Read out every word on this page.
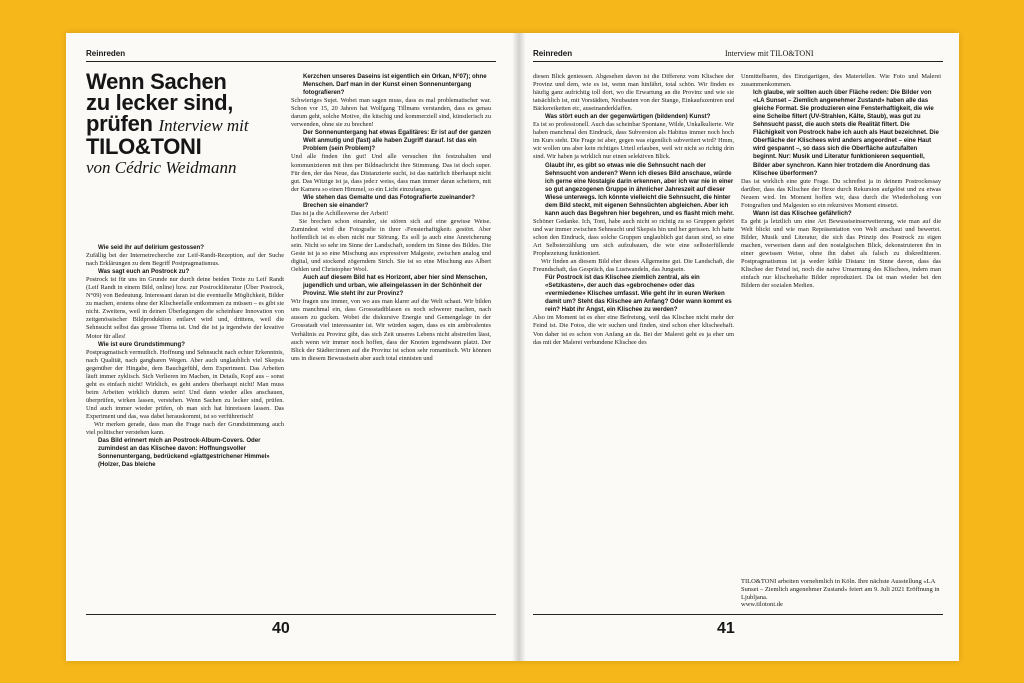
Reinreden
Wenn Sachen
zu lecker sind,
prüfen Interview mit
TILO&TONI
von Cédric Weidmann

Wie seid ihr auf delirium gestossen?

Zufällig bei der Internetrecherche zur Leif-Randt-Rezeption, auf der Suche nach Erklärungen zu dem Begriff Postpragmatismus.

Was sagt euch an Postrock zu?

Postrock ist für uns im Grunde nur durch deine beiden Texte zu Leif Randt (Leif Randt in einem Bild, online) bzw. zur Postrockliteratur (Über Postrock, N°09) von Bedeutung. Interessant daran ist die eventuelle Möglichkeit, Bilder zu machen, erstens ohne der Klischeefalle entkommen zu müssen – es gibt sie nicht. Zweitens, weil in deinen Überlegungen die scheinbare Innovation von zeitgenössischer Bildproduktion entlarvt wird und, drittens, weil die Sehnsucht selbst das grosse Thema ist. Und die ist ja irgendwie der kreative Motor für alles!

Wie ist eure Grundstimmung?

Postpragmatisch vermutlich. Hoffnung und Sehnsucht nach echter Erkenntnis, nach Qualität, nach gangbaren Wegen. Aber auch unglaublich viel Skepsis gegenüber der Hingabe, dem Bauchgefühl, dem Experiment. Das Arbeiten läuft immer zyklisch. Sich Verlieren im Machen, in Details, Kopf aus – sonst geht es einfach nicht! Wirklich, es geht anders überhaupt nicht! Man muss beim Arbeiten wirklich dumm sein! Und dann wieder alles anschauen, überprüfen, wirken lassen, verstehen. Wenn Sachen zu lecker sind, prüfen. Und auch immer wieder prüfen, ob man sich hat hinreissen lassen. Das Experiment und das, was dabei herauskommt, ist so verführerisch!

Wir merken gerade, dass man die Frage nach der Grundstimmung auch viel politischer verstehen kann.

Das Bild erinnert mich an Postrock-Album-Covers. Oder zumindest an das Klischee davon: Hoffnungsvoller Sonnenuntergang, bedrückend «glattgestrichener Himmel» (Holzer, Das bleiche

Kerzchen unseres Daseins ist eigentlich ein Orkan, N°07); ohne Menschen. Darf man in der Kunst einen Sonnenuntergang fotografieren?

Schwieriges Sujet. Wobei man sagen muss, dass es mal problematischer war. Schon vor 15, 20 Jahren hat Wolfgang Tillmans verstanden, dass es genau darum geht, solche Motive, die kitschig und kommerziell sind, künstlerisch zu verwenden, ohne sie zu brechen!

Der Sonnenuntergang hat etwas Egalitäres: Er ist auf der ganzen Welt anmutig und (fast) alle haben Zugriff darauf. Ist das ein Problem (sein Problem)?

Und alle finden ihn gut! Und alle versuchen ihn festzuhalten und kommunizieren mit ihm per Bildnachricht ihre Stimmung. Das ist doch super. Für den, der das Neue, das Distanzierte sucht, ist das natürlich überhaupt nicht gut. Das Witzige ist ja, dass jede:r weiss, dass man immer daran scheitern, mit der Kamera so einen Himmel, so ein Licht einzufangen.

Wie stehen das Gemalte und das Fotografierte zueinander? Brechen sie einander?

Das ist ja die Achillesverse der Arbeit!

Sie brechen schon einander, sie stören sich auf eine gewisse Weise. Zumindest wird die Fotografie in ihrer ‹Fensterhaftigkeit› gestört. Aber hoffentlich ist es eben nicht nur Störung. Es soll ja auch eine Anreicherung sein. Nicht so sehr im Sinne der Landschaft, sondern im Sinne des Bildes. Die Geste ist ja so eine Mischung aus expressiver Malgeste, zwischen analog und digital, und stockend zögerndem Strich. Sie ist so eine Mischung aus Albert Oehlen und Christopher Wool.

Auch auf diesem Bild hat es Horizont, aber hier sind Menschen, jugendlich und urban, wie alleingelassen in der Schönheit der Provinz. Wie steht ihr zur Provinz?

Wir fragen uns immer, von wo aus man klarer auf die Welt schaut. Wir bilden uns manchmal ein, dass Grossstadtblasen es noch schwerer machen, nach aussen zu gucken. Wobei die diskursive Energie und Gemengelage in der Grossstadt viel interessanter ist. Wir würden sagen, dass es ein ambivalentes Verhältnis zu Provinz gibt, das sich Zeit unseres Lebens nicht abstreifen lässt, auch wenn wir immer noch hoffen, dass der Knoten irgendwann platzt. Der Blick der Städter:innen auf die Provinz ist schon sehr romantisch. Wir können uns in diesem Bewusstsein aber auch total einnisten und

40
Reinreden	Interview mit TILO&TONI

diesen Blick geniessen. Abgesehen davon ist die Differenz vom Klischee der Provinz und dem, wie es ist, wenn man hinfährt, total schön. Wir finden es häufig ganz aufrichtig toll dort, wo die Erwartung an die Provinz und wie sie tatsächlich ist, mit Vorstädten, Neubauten von der Stange, Einkaufszentren und Bäckereiketten etc, auseinanderklaffen.

Was stört euch an der gegenwärtigen (bildenden) Kunst?

Es ist so professionell. Auch das scheinbar Spontane, Wilde, Unkalkulierte. Wir haben manchmal den Eindruck, dass Subversion als Habitus immer noch hoch im Kurs steht. Die Frage ist aber, gegen was eigentlich subvertiert wird? Hmm, wir wollen uns aber kein richtiges Urteil erlauben, weil wir nicht so richtig drin sind. Wir haben ja wirklich nur einen selektiven Blick.

Glaubt ihr, es gibt so etwas wie die Sehnsucht nach der Sehnsucht von anderen? Wenn ich dieses Bild anschaue, würde ich gerne eine Nostalgie darin erkennen, aber ich war nie in einer so gut angezogenen Gruppe in ähnlicher Jahreszeit auf dieser Wiese unterwegs. Ich könnte vielleicht die Sehnsucht, die hinter dem Bild steckt, mit eigenen Sehnsüchten abgleichen. Aber ich kann auch das Begehren hier begehren, und es flasht mich mehr.

Schöner Gedanke. Ich, Toni, habe auch nicht so richtig zu so Gruppen gehört und war immer zwischen Sehnsucht und Skepsis hin und her gerissen. Ich hatte schon den Eindruck, dass solche Gruppen unglaublich gut daran sind, so eine Art Selbsterzählung um sich aufzubauen, die wie eine selbsterfüllende Prophezeiung funktioniert.

Wir finden an diesem Bild eher dieses Allgemeine gut. Die Landschaft, die Freundschaft, das Gespräch, das Lustwandeln, das Jungsein.

Für Postrock ist das Klischee ziemlich zentral, als ein «Setzkasten», der auch das «gebrochene» oder das «vermiedene» Klischee umfasst. Wie geht ihr in euren Werken damit um? Steht das Klischee am Anfang? Oder wann kommt es rein? Habt ihr Angst, ein Klischee zu werden?

Also im Moment ist es eher eine Befreiung, weil das Klischee nicht mehr der Feind ist. Die Fotos, die wir suchen und finden, sind schon eher klischeehaft. Von daher ist es schon von Anfang an da. Bei der Malerei geht es ja eher um das mit der Malerei verbundene Klischee des

Unmittelbaren, des Einzigartigen, des Materiellen. Wie Foto und Malerei zusammenkommen.

Ich glaube, wir sollten auch über Fläche reden: Die Bilder von «LA Sunset – Ziemlich angenehmer Zustand» haben alle das gleiche Format. Sie produzieren eine Fensterhaftigkeit, die wie eine Scheibe filtert (UV-Strahlen, Kälte, Staub), was gut zu Sehnsucht passt, die auch stets die Realität filtert. Die Flächigkeit von Postrock habe ich auch als Haut bezeichnet. Die Oberfläche der Klischees wird anders angeordnet – eine Haut wird gespannt –, so dass sich die Oberfläche aufzufalten beginnt. Nur: Musik und Literatur funktionieren sequentiell, Bilder aber synchron. Kann hier trotzdem die Anordnung das Klischee überformen?

Das ist wirklich eine gute Frage. Du schreibst ja in deinem Postrockessay darüber, dass das Klischee der Hexe durch Rekursion aufgelöst und zu etwas Neuem wird. Im Moment hoffen wir, dass durch die Wiederholung von Fotografien und Malgesten so ein rekursives Moment einsetzt.

Wann ist das Klischee gefährlich?

Es geht ja letztlich um eine Art Bewusstseinserweiterung, wie man auf die Welt blickt und wie man Repräsentation von Welt anschaut und bewertet. Bilder, Musik und Literatur, die sich das Prinzip des Postrock zu eigen machen, verweisen dann auf den nostalgischen Blick, dekonstruieren ihn in einer gewissen Weise, ohne ihn dabei als falsch zu diskreditieren. Postpragmatismus ist ja weder kühle Distanz im Sinne davon, dass das Klischee der Feind ist, noch die naive Umarmung des Klischees, indem man einfach nur klischeehafte Bilder reproduziert. Da ist man wieder bei den Bildern der sozialen Medien.

TILO&TONI arbeiten vornehmlich in Köln. Ihre nächste Ausstellung «LA Sunset – Ziemlich angenehmer Zustand» feiert am 9. Juli 2021 Eröffnung in Ljubljana.
www.tilotoni.de
41
